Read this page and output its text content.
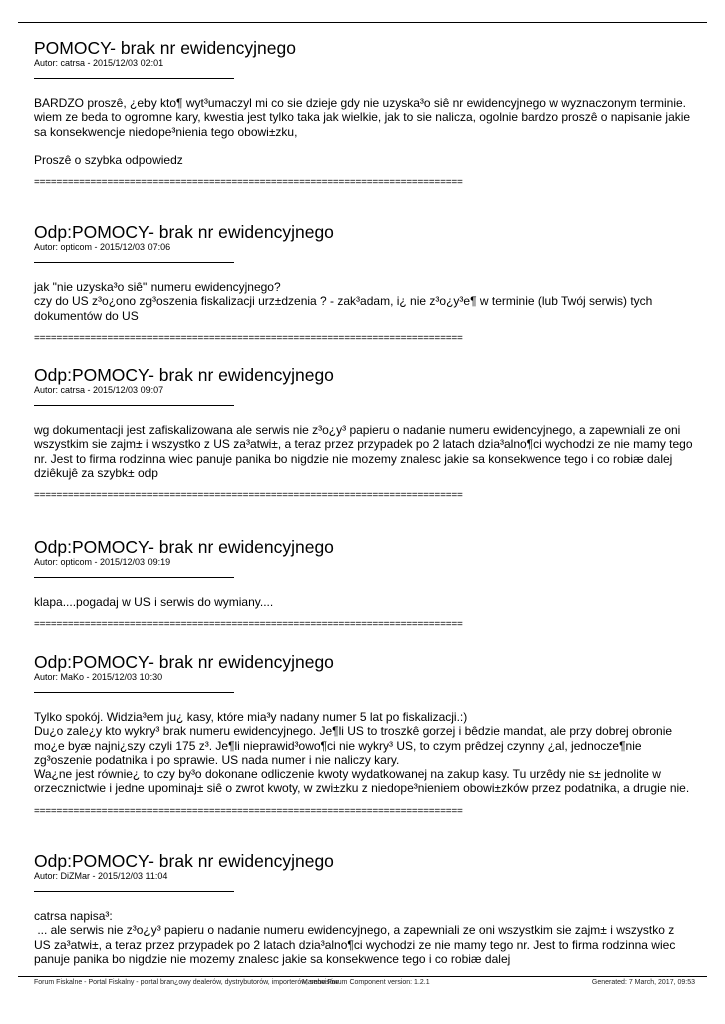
POMOCY- brak nr ewidencyjnego
Autor: catrsa - 2015/12/03 02:01

BARDZO proszê, ¿eby kto¶ wyt³umaczyl mi co sie dzieje gdy nie uzyska³o siê nr ewidencyjnego w wyznaczonym terminie.
wiem ze beda to ogromne kary, kwestia jest tylko taka jak wielkie, jak to sie nalicza, ogolnie bardzo proszê o napisanie jakie sa konsekwencje niedope³nienia tego obowi±zku,

Proszê o szybka odpowiedz

============================================================================
Odp:POMOCY- brak nr ewidencyjnego
Autor: opticom - 2015/12/03 07:06

jak "nie uzyska³o siê" numeru ewidencyjnego?
czy do US z³o¿ono zg³oszenia fiskalizacji urz±dzenia ? - zak³adam, i¿ nie z³o¿y³e¶ w terminie (lub Twój serwis) tych dokumentów do US

============================================================================
Odp:POMOCY- brak nr ewidencyjnego
Autor: catrsa - 2015/12/03 09:07

wg dokumentacji jest zafiskalizowana ale serwis nie z³o¿y³ papieru o nadanie numeru ewidencyjnego, a zapewniali ze oni wszystkim sie zajm± i wszystko z US za³atwi±, a teraz przez przypadek po 2 latach dzia³alno¶ci wychodzi ze nie mamy tego nr. Jest to firma rodzinna wiec panuje panika bo nigdzie nie mozemy znalesc jakie sa konsekwence tego i co robiæ dalej
dziêkujê za szybk± odp

============================================================================
Odp:POMOCY- brak nr ewidencyjnego
Autor: opticom - 2015/12/03 09:19

klapa....pogadaj w US i serwis do wymiany....

============================================================================
Odp:POMOCY- brak nr ewidencyjnego
Autor: MaKo - 2015/12/03 10:30

Tylko spokój. Widzia³em ju¿ kasy, które mia³y nadany numer 5 lat po fiskalizacji.:)
Du¿o zale¿y kto wykry³ brak numeru ewidencyjnego. Je¶li US to troszkê gorzej i bêdzie mandat, ale przy dobrej obronie mo¿e byæ najni¿szy czyli 175 z³. Je¶li nieprawid³owo¶ci nie wykry³ US, to czym prêdzej czynny ¿al, jednocze¶nie zg³oszenie podatnika i po sprawie. US nada numer i nie naliczy kary.
Wa¿ne jest równie¿ to czy by³o dokonane odliczenie kwoty wydatkowanej na zakup kasy. Tu urzêdy nie s± jednolite w orzecznictwie i jedne upominaj± siê o zwrot kwoty, w zwi±zku z niedope³nieniem obowi±zków przez podatnika, a drugie nie.

============================================================================
Odp:POMOCY- brak nr ewidencyjnego
Autor: DiZMar - 2015/12/03 11:04

catrsa napisa³:
... ale serwis nie z³o¿y³ papieru o nadanie numeru ewidencyjnego, a zapewniali ze oni wszystkim sie zajm± i wszystko z US za³atwi±, a teraz przez przypadek po 2 latach dzia³alno¶ci wychodzi ze nie mamy tego nr. Jest to firma rodzinna wiec panuje panika bo nigdzie nie mozemy znalesc jakie sa konsekwence tego i co robiæ dalej

Forum Fiskalne - Portal Fiskalny - portal bran¿owy dealerów, dystrybutorów, importerów, serwisów
Mambo Forum Component version: 1.2.1	Generated: 7 March, 2017, 09:53
